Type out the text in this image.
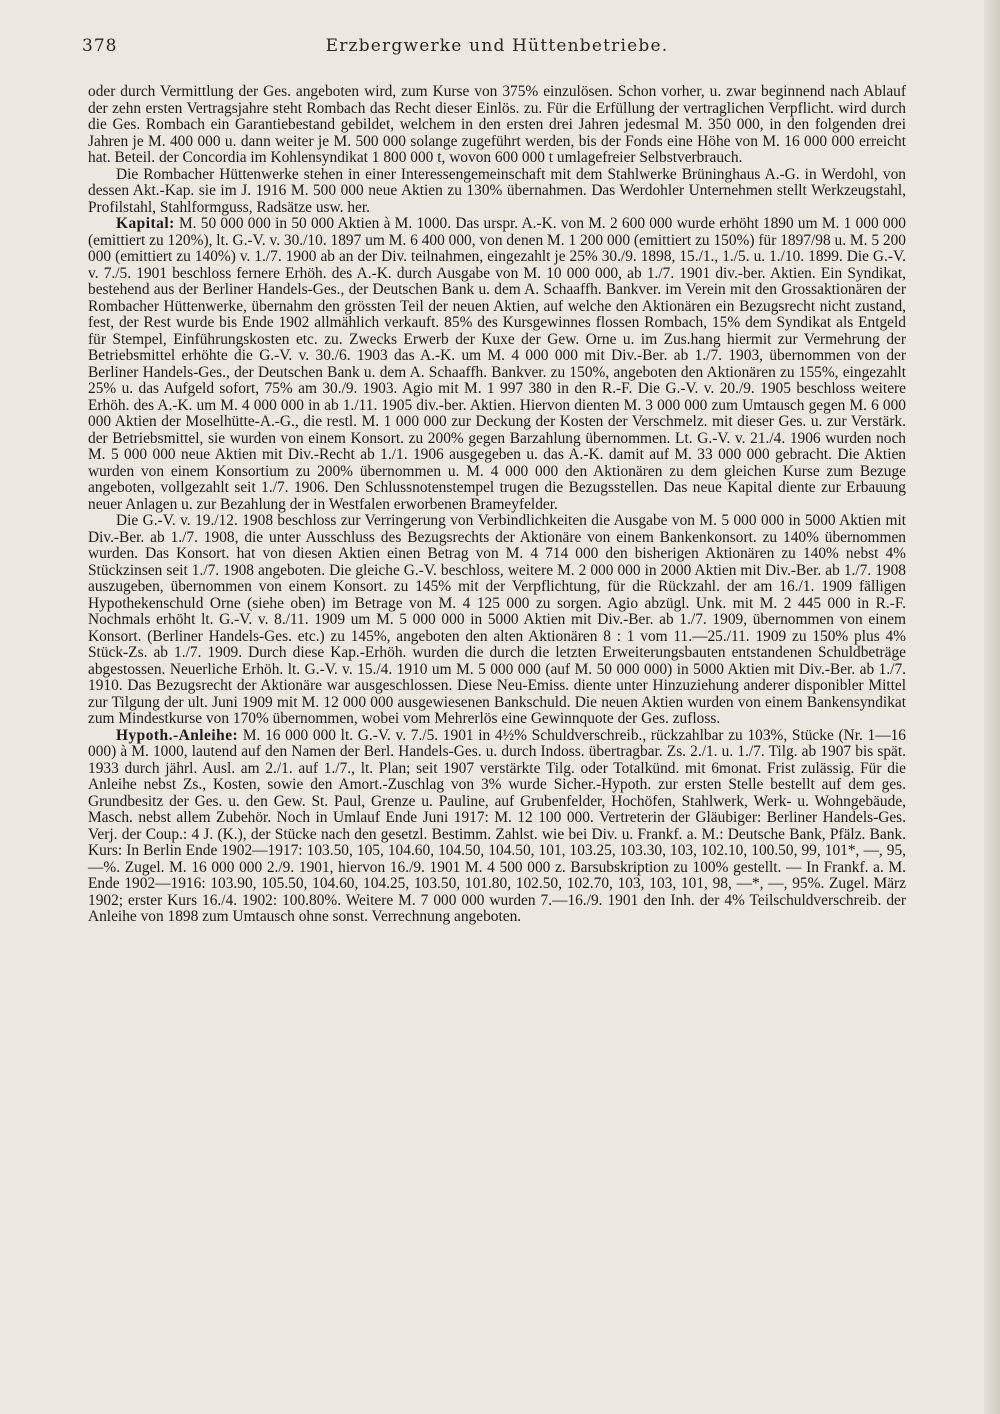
378	Erzbergwerke und Hüttenbetriebe.

oder durch Vermittlung der Ges. angeboten wird, zum Kurse von 375% einzulösen. Schon vorher, u. zwar beginnend nach Ablauf der zehn ersten Vertragsjahre steht Rombach das Recht dieser Einlös. zu. Für die Erfüllung der vertraglichen Verpflicht. wird durch die Ges. Rombach ein Garantiebestand gebildet, welchem in den ersten drei Jahren jedesmal M. 350 000, in den folgenden drei Jahren je M. 400 000 u. dann weiter je M. 500 000 solange zugeführt werden, bis der Fonds eine Höhe von M. 16 000 000 erreicht hat. Beteil. der Concordia im Kohlensyndikat 1 800 000 t, wovon 600 000 t umlagefreier Selbstverbrauch.

Die Rombacher Hüttenwerke stehen in einer Interessengemeinschaft mit dem Stahlwerke Brüninghaus A.-G. in Werdohl, von dessen Akt.-Kap. sie im J. 1916 M. 500 000 neue Aktien zu 130% übernahmen. Das Werdohler Unternehmen stellt Werkzeugstahl, Profilstahl, Stahlformguss, Radsätze usw. her.

Kapital: M. 50 000 000 in 50 000 Aktien à M. 1000. Das urspr. A.-K. von M. 2 600 000 wurde erhöht 1890 um M. 1 000 000 (emittiert zu 120%), lt. G.-V. v. 30./10. 1897 um M. 6 400 000, von denen M. 1 200 000 (emittiert zu 150%) für 1897/98 u. M. 5 200 000 (emittiert zu 140%) v. 1./7. 1900 ab an der Div. teilnahmen, eingezahlt je 25% 30./9. 1898, 15./1., 1./5. u. 1./10. 1899. Die G.-V. v. 7./5. 1901 beschloss fernere Erhöh. des A.-K. durch Ausgabe von M. 10 000 000, ab 1./7. 1901 div.-ber. Aktien. Ein Syndikat, bestehend aus der Berliner Handels-Ges., der Deutschen Bank u. dem A. Schaaffh. Bankver. im Verein mit den Grossaktionären der Rombacher Hüttenwerke, übernahm den grössten Teil der neuen Aktien, auf welche den Aktionären ein Bezugsrecht nicht zustand, fest, der Rest wurde bis Ende 1902 allmählich verkauft. 85% des Kursgewinnes flossen Rombach, 15% dem Syndikat als Entgeld für Stempel, Einführungskosten etc. zu. Zwecks Erwerb der Kuxe der Gew. Orne u. im Zus.hang hiermit zur Vermehrung der Betriebsmittel erhöhte die G.-V. v. 30./6. 1903 das A.-K. um M. 4 000 000 mit Div.-Ber. ab 1./7. 1903, übernommen von der Berliner Handels-Ges., der Deutschen Bank u. dem A. Schaaffh. Bankver. zu 150%, angeboten den Aktionären zu 155%, eingezahlt 25% u. das Aufgeld sofort, 75% am 30./9. 1903. Agio mit M. 1 997 380 in den R.-F. Die G.-V. v. 20./9. 1905 beschloss weitere Erhöh. des A.-K. um M. 4 000 000 in ab 1./11. 1905 div.-ber. Aktien. Hiervon dienten M. 3 000 000 zum Umtausch gegen M. 6 000 000 Aktien der Moselhütte-A.-G., die restl. M. 1 000 000 zur Deckung der Kosten der Verschmelz. mit dieser Ges. u. zur Verstärk. der Betriebsmittel, sie wurden von einem Konsort. zu 200% gegen Barzahlung übernommen. Lt. G.-V. v. 21./4. 1906 wurden noch M. 5 000 000 neue Aktien mit Div.-Recht ab 1./1. 1906 ausgegeben u. das A.-K. damit auf M. 33 000 000 gebracht. Die Aktien wurden von einem Konsortium zu 200% übernommen u. M. 4 000 000 den Aktionären zu dem gleichen Kurse zum Bezuge angeboten, vollgezahlt seit 1./7. 1906. Den Schlussnotenstempel trugen die Bezugsstellen. Das neue Kapital diente zur Erbauung neuer Anlagen u. zur Bezahlung der in Westfalen erworbenen Brameyfelder.

Die G.-V. v. 19./12. 1908 beschloss zur Verringerung von Verbindlichkeiten die Ausgabe von M. 5 000 000 in 5000 Aktien mit Div.-Ber. ab 1./7. 1908, die unter Ausschluss des Bezugsrechts der Aktionäre von einem Bankenkonsort. zu 140% übernommen wurden. Das Konsort. hat von diesen Aktien einen Betrag von M. 4 714 000 den bisherigen Aktionären zu 140% nebst 4% Stückzinsen seit 1./7. 1908 angeboten. Die gleiche G.-V. beschloss, weitere M. 2 000 000 in 2000 Aktien mit Div.-Ber. ab 1./7. 1908 auszugeben, übernommen von einem Konsort. zu 145% mit der Verpflichtung, für die Rückzahl. der am 16./1. 1909 fälligen Hypothekenschuld Orne (siehe oben) im Betrage von M. 4 125 000 zu sorgen. Agio abzügl. Unk. mit M. 2 445 000 in R.-F. Nochmals erhöht lt. G.-V. v. 8./11. 1909 um M. 5 000 000 in 5000 Aktien mit Div.-Ber. ab 1./7. 1909, übernommen von einem Konsort. (Berliner Handels-Ges. etc.) zu 145%, angeboten den alten Aktionären 8 : 1 vom 11.—25./11. 1909 zu 150% plus 4% Stück-Zs. ab 1./7. 1909. Durch diese Kap.-Erhöh. wurden die durch die letzten Erweiterungsbauten entstandenen Schuldbeträge abgestossen. Neuerliche Erhöh. lt. G.-V. v. 15./4. 1910 um M. 5 000 000 (auf M. 50 000 000) in 5000 Aktien mit Div.-Ber. ab 1./7. 1910. Das Bezugsrecht der Aktionäre war ausgeschlossen. Diese Neu-Emiss. diente unter Hinzuziehung anderer disponibler Mittel zur Tilgung der ult. Juni 1909 mit M. 12 000 000 ausgewiesenen Bankschuld. Die neuen Aktien wurden von einem Bankensyndikat zum Mindestkurse von 170% übernommen, wobei vom Mehrerlös eine Gewinnquote der Ges. zufloss.

Hypoth.-Anleihe: M. 16 000 000 lt. G.-V. v. 7./5. 1901 in 4½% Schuldverschreib., rückzahlbar zu 103%, Stücke (Nr. 1—16 000) à M. 1000, lautend auf den Namen der Berl. Handels-Ges. u. durch Indoss. übertragbar. Zs. 2./1. u. 1./7. Tilg. ab 1907 bis spät. 1933 durch jährl. Ausl. am 2./1. auf 1./7., lt. Plan; seit 1907 verstärkte Tilg. oder Totalkünd. mit 6monat. Frist zulässig. Für die Anleihe nebst Zs., Kosten, sowie den Amort.-Zuschlag von 3% wurde Sicher.-Hypoth. zur ersten Stelle bestellt auf dem ges. Grundbesitz der Ges. u. den Gew. St. Paul, Grenze u. Pauline, auf Grubenfelder, Hochöfen, Stahlwerk, Werk- u. Wohngebäude, Masch. nebst allem Zubehör. Noch in Umlauf Ende Juni 1917: M. 12 100 000. Vertreterin der Gläubiger: Berliner Handels-Ges. Verj. der Coup.: 4 J. (K.), der Stücke nach den gesetzl. Bestimm. Zahlst. wie bei Div. u. Frankf. a. M.: Deutsche Bank, Pfälz. Bank. Kurs: In Berlin Ende 1902—1917: 103.50, 105, 104.60, 104.50, 104.50, 101, 103.25, 103.30, 103, 102.10, 100.50, 99, 101*, —, 95, —%. Zugel. M. 16 000 000 2./9. 1901, hiervon 16./9. 1901 M. 4 500 000 z. Barsubskription zu 100% gestellt. — In Frankf. a. M. Ende 1902—1916: 103.90, 105.50, 104.60, 104.25, 103.50, 101.80, 102.50, 102.70, 103, 103, 101, 98, —*, —, 95%. Zugel. März 1902; erster Kurs 16./4. 1902: 100.80%. Weitere M. 7 000 000 wurden 7.—16./9. 1901 den Inh. der 4% Teilschuldverschreib. der Anleihe von 1898 zum Umtausch ohne sonst. Verrechnung angeboten.
